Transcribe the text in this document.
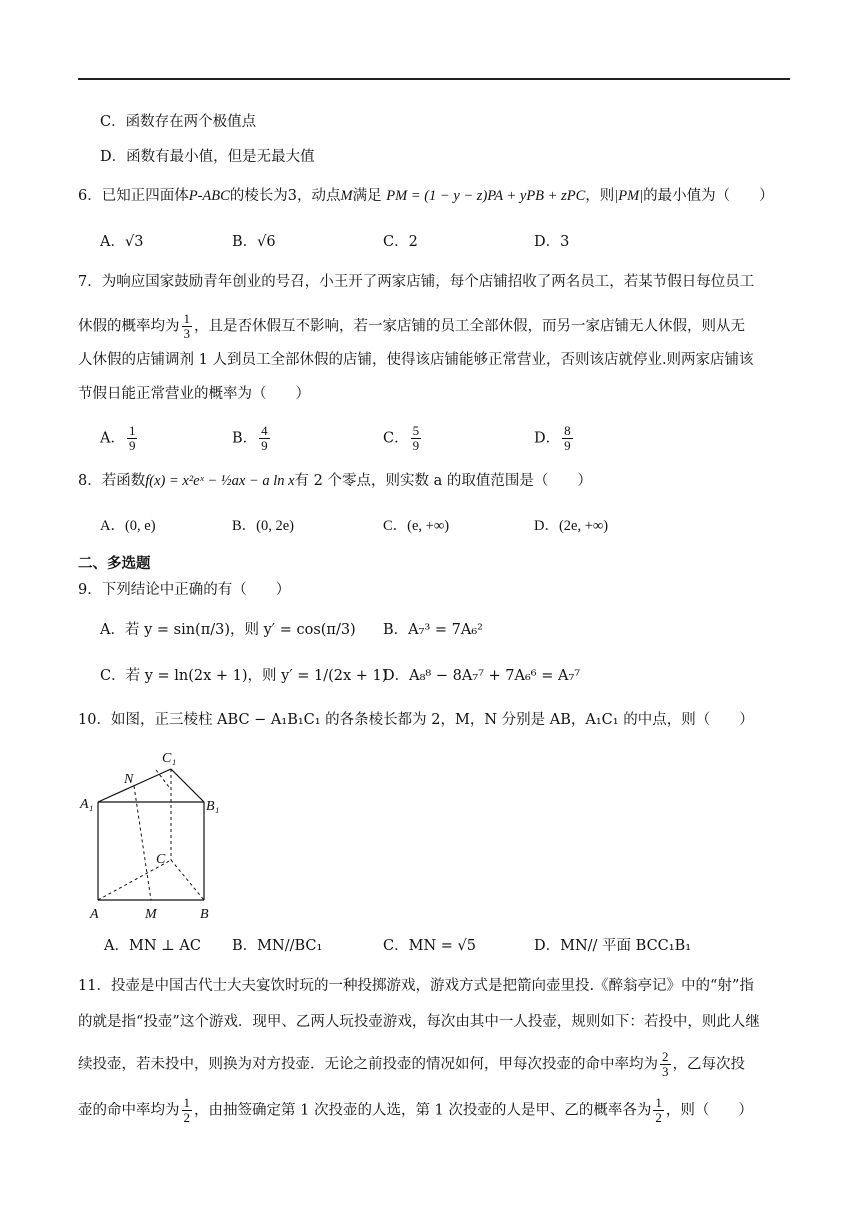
C．函数存在两个极值点
D．函数有最小值，但是无最大值
6．已知正四面体P-ABC的棱长为3，动点M满足 PM = (1 − y − z)PA + yPB + zPC，则|PM|的最小值为（　　）
A．√3	B．√6	C．2	D．3
7．为响应国家鼓励青年创业的号召，小王开了两家店铺，每个店铺招收了两名员工，若某节假日每位员工
休假的概率均为 $\frac{1}{3}$ ，且是否休假互不影响，若一家店铺的员工全部休假，而另一家店铺无人休假，则从无
人休假的店铺调剂 1 人到员工全部休假的店铺，使得该店铺能够正常营业，否则该店就停业.则两家店铺该
节假日能正常营业的概率为（　　）
A． $\frac{1}{9}$	B． $\frac{4}{9}$	C． $\frac{5}{9}$	D． $\frac{8}{9}$
8．若函数f(x) = x²eˣ − ½ax − a ln x有 2 个零点，则实数 a 的取值范围是（　　）
A．(0, e)	B．(0, 2e)	C．(e, +∞)	D．(2e, +∞)
二、多选题
9．下列结论中正确的有（　　）
A．若 y = sin(π/3)，则 y′ = cos(π/3) B．A₇³ = 7A₆²
C．若 y = ln(2x + 1)，则 y′ = 1/(2x + 1)
D．A₈⁸ − 8A₇⁷ + 7A₆⁶ = A₇⁷
10．如图，正三棱柱 ABC − A₁B₁C₁ 的各条棱长都为 2，M，N 分别是 AB，A₁C₁ 的中点，则（　　）
C₁
N
A₁	B₁
C
A	M	B
A．MN ⊥ AC B．MN//BC₁	C．MN = √5	D．MN// 平面 BCC₁B₁
11．投壶是中国古代士大夫宴饮时玩的一种投掷游戏，游戏方式是把箭向壶里投.《醉翁亭记》中的“射”指
的就是指“投壶”这个游戏．现甲、乙两人玩投壶游戏，每次由其中一人投壶，规则如下：若投中，则此人继
续投壶，若未投中，则换为对方投壶．无论之前投壶的情况如何，甲每次投壶的命中率均为 $\frac{2}{3}$ ，乙每次投
壶的命中率均为 $\frac{1}{2}$ ，由抽签确定第 1 次投壶的人选，第 1 次投壶的人是甲、乙的概率各为 $\frac{1}{2}$ ，则（　　）
